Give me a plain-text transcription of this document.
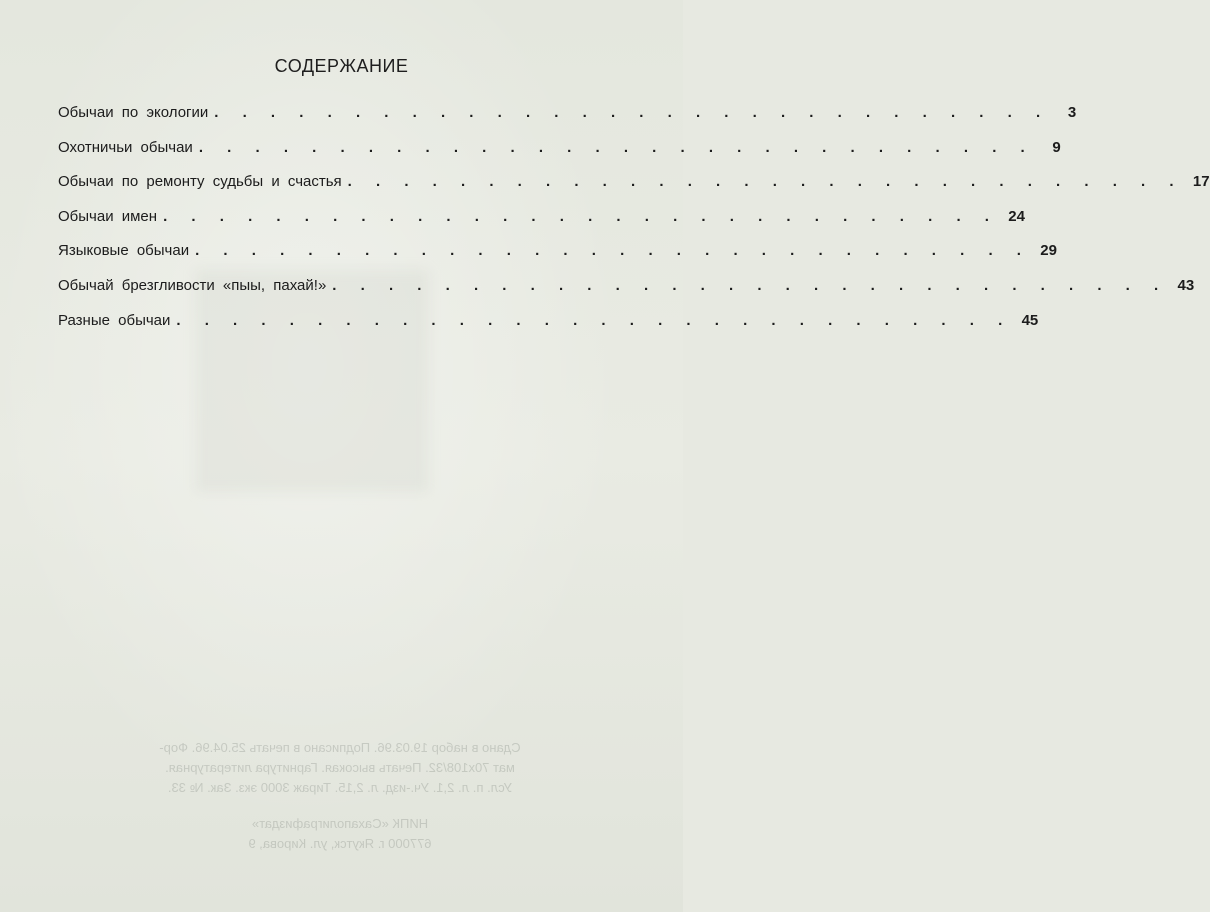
СОДЕРЖАНИЕ
Обычаи по экологии . . . . . . . . . . . . . . . . . . . . . . . . . . . . . .	3
Охотничьи обычаи . . . . . . . . . . . . . . . . . . . . . . . . . . . . . .	9
Обычаи по ремонту судьбы и счастья . . . . . . . . . . . . . . . . . . . . . . . . . . . . . . 17
Обычаи имен . . . . . . . . . . . . . . . . . . . . . . . . . . . . . . 24
Языковые обычаи . . . . . . . . . . . . . . . . . . . . . . . . . . . . . . 29
Обычай брезгливости «пыы, пахай!» . . . . . . . . . . . . . . . . . . . . . . . . . . . . . . 43
Разные обычаи . . . . . . . . . . . . . . . . . . . . . . . . . . . . . . 45

Сдано в набор 19.03.96. Подписано в печать 25.04.96. Фор-

мат 70х108/32. Печать высокая. Гарнитура литературная.

Усл. п. л. 2,1. Уч.-изд. л. 2,15. Тираж 3000 экз. Зак. № 33.

НИПК «Сахаполиграфиздат»

677000 г. Якутск, ул. Кирова, 9
